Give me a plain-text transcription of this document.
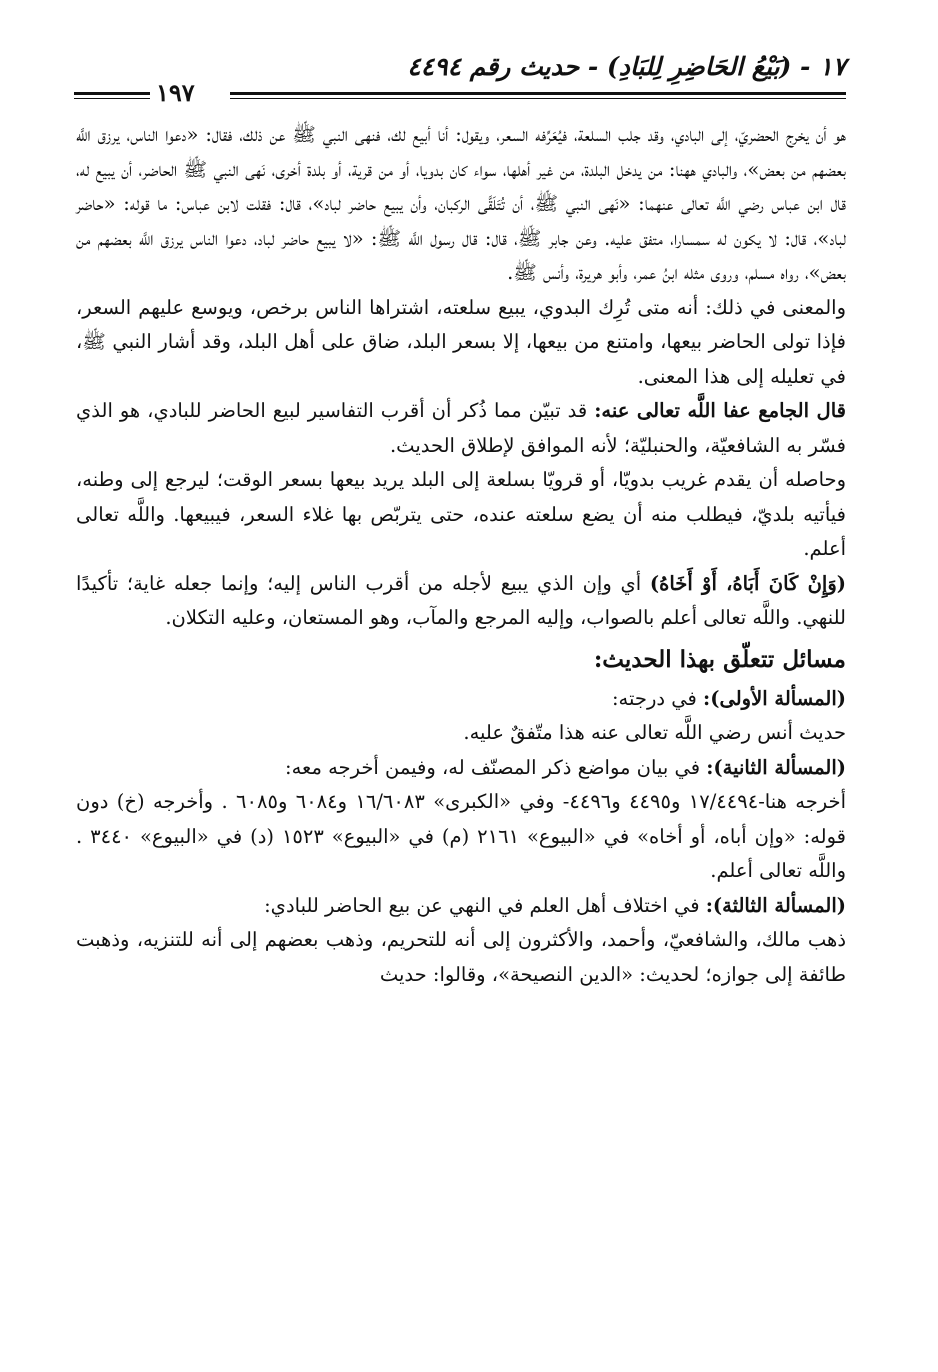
١٧ - (بَيْعُ الحَاضِرِ لِلبَادِ) - حديث رقم ٤٤٩٤
١٩٧

هو أن يخرج الحضريّ، إلى البادي، وقد جلب السلعة، فيُعَرِّفه السعر، ويقول: أنا أبيع لك، فنهى النبي ﷺ عن ذلك، فقال: «دعوا الناس، يرزق اللَّه بعضهم من بعض»، والبادي ههنا: من يدخل البلدة، من غير أهلها، سواء كان بدويا، أو من قرية، أو بلدة أخرى، نَهى النبي ﷺ الحاضر، أن يبيع له، قال ابن عباس رضي اللَّه تعالى عنهما: «نَهى النبي ﷺ، أن تُتَلَقَّى الركبان، وأن يبيع حاضر لباد»، قال: فقلت لابن عباس: ما قوله: «حاضر لباد»، قال: لا يكون له سمسارا، متفق عليه. وعن جابر ﷺ، قال: قال رسول اللَّه ﷺ: «لا يبيع حاضر لباد، دعوا الناس يرزق اللَّه بعضهم من بعض»، رواه مسلم، وروى مثله ابنُ عمر، وأبو هريرة، وأنس ﷺ.

والمعنى في ذلك: أنه متى تُرِك البدوي، يبيع سلعته، اشتراها الناس برخص، ويوسع عليهم السعر، فإذا تولى الحاضر بيعها، وامتنع من بيعها، إلا بسعر البلد، ضاق على أهل البلد، وقد أشار النبي ﷺ، في تعليله إلى هذا المعنى.

قال الجامع عفا اللَّه تعالى عنه: قد تبيّن مما ذُكر أن أقرب التفاسير لبيع الحاضر للبادي، هو الذي فسّر به الشافعيّة، والحنبليّة؛ لأنه الموافق لإطلاق الحديث.

وحاصله أن يقدم غريب بدويّا، أو قرويّا بسلعة إلى البلد يريد بيعها بسعر الوقت؛ ليرجع إلى وطنه، فيأتيه بلديّ، فيطلب منه أن يضع سلعته عنده، حتى يتربّص بها غلاء السعر، فيبيعها. واللَّه تعالى أعلم.

(وَإِنْ كَانَ أَبَاهُ، أَوْ أَخَاهُ) أي وإن الذي يبيع لأجله من أقرب الناس إليه؛ وإنما جعله غاية؛ تأكيدًا للنهي. واللَّه تعالى أعلم بالصواب، وإليه المرجع والمآب، وهو المستعان، وعليه التكلان.

مسائل تتعلّق بهذا الحديث:

(المسألة الأولى): في درجته:

حديث أنس رضي اللَّه تعالى عنه هذا متّفقٌ عليه.

(المسألة الثانية): في بيان مواضع ذكر المصنّف له، وفيمن أخرجه معه:

أخرجه هنا-١٧/٤٤٩٤ و٤٤٩٥ و٤٤٩٦- وفي «الكبرى» ١٦/٦٠٨٣ و٦٠٨٤ و٦٠٨٥ . وأخرجه (خ) دون قوله: «وإن أباه، أو أخاه» في «البيوع» ٢١٦١ (م) في «البيوع» ١٥٢٣ (د) في «البيوع» ٣٤٤٠ . واللَّه تعالى أعلم.

(المسألة الثالثة): في اختلاف أهل العلم في النهي عن بيع الحاضر للبادي:

ذهب مالك، والشافعيّ، وأحمد، والأكثرون إلى أنه للتحريم، وذهب بعضهم إلى أنه للتنزيه، وذهبت طائفة إلى جوازه؛ لحديث: «الدين النصيحة»، وقالوا: حديث
